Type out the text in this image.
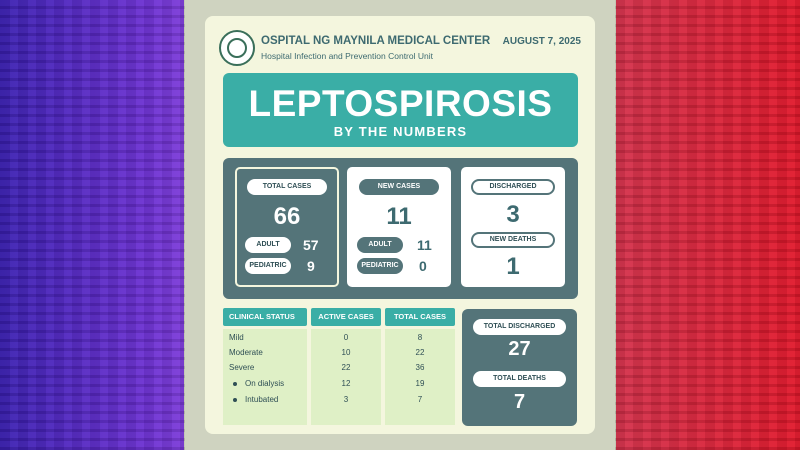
OSPITAL NG MAYNILA MEDICAL CENTER
Hospital Infection and Prevention Control Unit
AUGUST 7, 2025
LEPTOSPIROSIS
BY THE NUMBERS
TOTAL CASES
66
ADULT	57
PEDIATRIC	9
NEW CASES
11
ADULT	11
PEDIATRIC	0
DISCHARGED
3
NEW DEATHS
1
CLINICAL STATUS	ACTIVE CASES	TOTAL CASES
Mild	0	8
Moderate	10	22
Severe	22	36
On dialysis	12	19
Intubated	3	7
TOTAL DISCHARGED
27
TOTAL DEATHS
7
